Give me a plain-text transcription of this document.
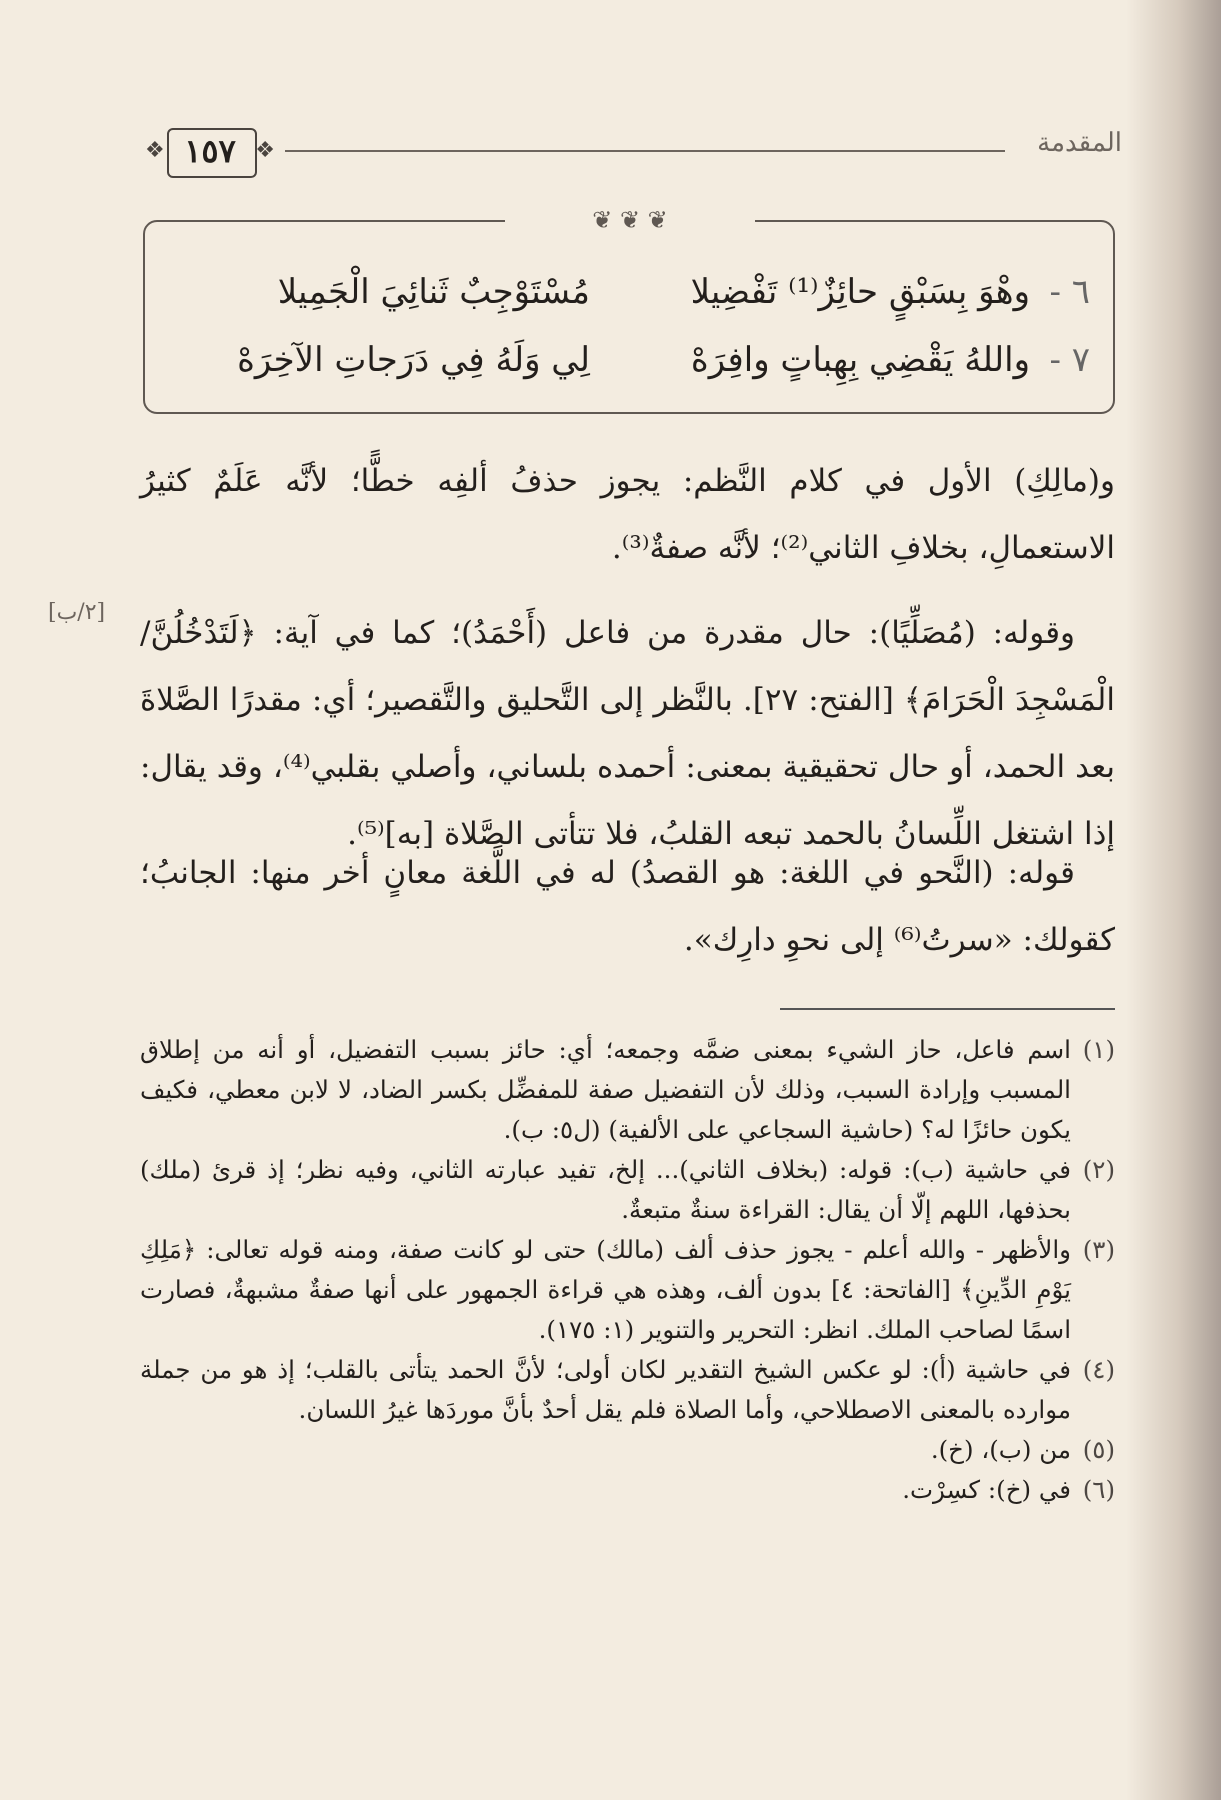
المقدمة
❖ ١٥٧ ❖
❦ ❦ ❦
٦ -
وهْوَ بِسَبْقٍ حائِزٌ⁽¹⁾ تَفْضِيلا
مُسْتَوْجِبٌ ثَنائِيَ الْجَمِيلا
٧ -
واللهُ يَقْضِي بِهِباتٍ وافِرَهْ
لِي وَلَهُ فِي دَرَجاتِ الآخِرَهْ
و(مالِكِ) الأول في كلام النَّظم: يجوز حذفُ ألفِه خطًّا؛ لأنَّه عَلَمٌ كثيرُ الاستعمالِ، بخلافِ الثاني⁽²⁾؛ لأنَّه صفةٌ⁽³⁾.
[٢/ب]
وقوله: (مُصَلِّيًا): حال مقدرة من فاعل (أَحْمَدُ)؛ كما في آية: ﴿لَتَدْخُلُنَّ/ الْمَسْجِدَ الْحَرَامَ﴾ [الفتح: ٢٧]. بالنَّظر إلى التَّحليق والتَّقصير؛ أي: مقدرًا الصَّلاةَ بعد الحمد، أو حال تحقيقية بمعنى: أحمده بلساني، وأصلي بقلبي⁽⁴⁾، وقد يقال: إذا اشتغل اللِّسانُ بالحمد تبعه القلبُ، فلا تتأتى الصَّلاة [به]⁽⁵⁾.
قوله: (النَّحو في اللغة: هو القصدُ) له في اللَّغة معانٍ أخر منها: الجانبُ؛ كقولك: «سرتُ⁽⁶⁾ إلى نحوِ دارِك».
(١)
اسم فاعل، حاز الشيء بمعنى ضمَّه وجمعه؛ أي: حائز بسبب التفضيل، أو أنه من إطلاق المسبب وإرادة السبب، وذلك لأن التفضيل صفة للمفضِّل بكسر الضاد، لا لابن معطي، فكيف يكون حائزًا له؟ (حاشية السجاعي على الألفية) (ل٥: ب).
(٢)
في حاشية (ب): قوله: (بخلاف الثاني)... إلخ، تفيد عبارته الثاني، وفيه نظر؛ إذ قرئ (ملك) بحذفها، اللهم إلّا أن يقال: القراءة سنةٌ متبعةٌ.
(٣)
والأظهر - والله أعلم - يجوز حذف ألف (مالك) حتى لو كانت صفة، ومنه قوله تعالى: ﴿مَلِكِ يَوْمِ الدِّينِ﴾ [الفاتحة: ٤] بدون ألف، وهذه هي قراءة الجمهور على أنها صفةٌ مشبهةٌ، فصارت اسمًا لصاحب الملك. انظر: التحرير والتنوير (١: ١٧٥).
(٤)
في حاشية (أ): لو عكس الشيخ التقدير لكان أولى؛ لأنَّ الحمد يتأتى بالقلب؛ إذ هو من جملة موارده بالمعنى الاصطلاحي، وأما الصلاة فلم يقل أحدٌ بأنَّ موردَها غيرُ اللسان.
(٥)
من (ب)، (خ).
(٦)
في (خ): كسِرْت.
